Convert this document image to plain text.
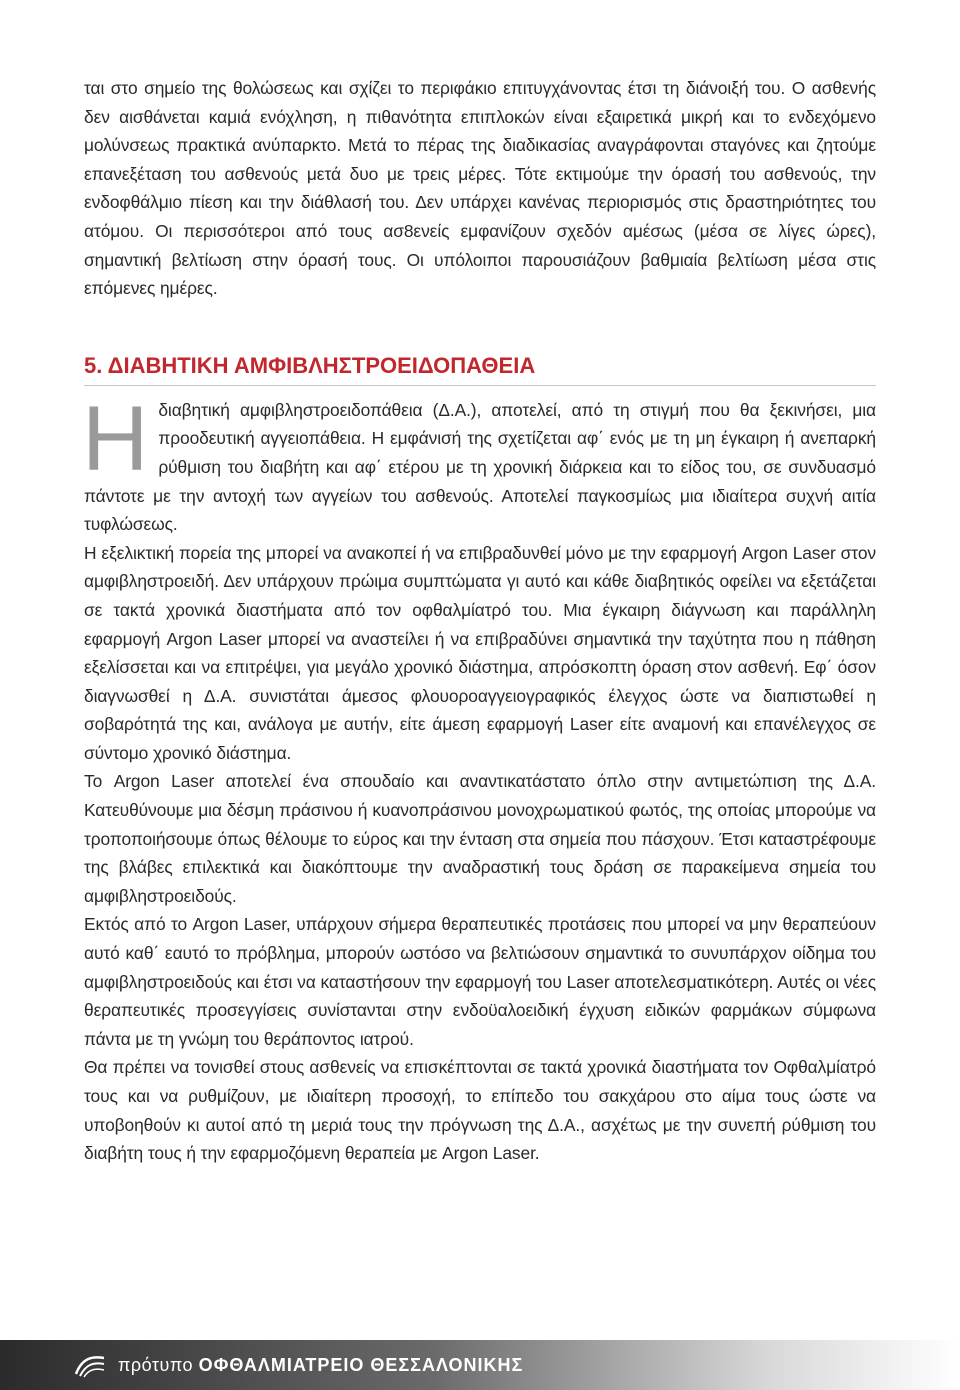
ται στο σημείο της θολώσεως και σχίζει το περιφάκιο επιτυγχάνοντας έτσι τη διάνοιξή του. Ο ασθενής δεν αισθάνεται καμιά ενόχληση, η πιθανότητα επιπλοκών είναι εξαιρετικά μικρή και το ενδεχόμενο μολύνσεως πρακτικά ανύπαρκτο. Μετά το πέρας της διαδικασίας αναγράφονται σταγόνες και ζητούμε επανεξέταση του ασθενούς μετά δυο με τρεις μέρες. Τότε εκτιμούμε την όρασή του ασθενούς, την ενδοφθάλμιο πίεση και την διάθλασή του. Δεν υπάρχει κανένας περιορισμός στις δραστηριότητες του ατόμου. Οι περισσότεροι από τους ασ8ενείς εμφανίζουν σχεδόν αμέσως (μέσα σε λίγες ώρες), σημαντική βελτίωση στην όρασή τους. Οι υπόλοιποι παρουσιάζουν βαθμιαία βελτίωση μέσα στις επόμενες ημέρες.

5. ΔΙΑΒΗΤΙΚΗ ΑΜΦΙΒΛΗΣΤΡΟΕΙΔΟΠΑΘΕΙΑ

Ηδιαβητική αμφιβληστροειδοπάθεια (Δ.Α.), αποτελεί, από τη στιγμή που θα ξεκινήσει, μια προοδευτική αγγειοπάθεια. Η εμφάνισή της σχετίζεται αφ΄ ενός με τη μη έγκαιρη ή ανεπαρκή ρύθμιση του διαβήτη και αφ΄ ετέρου με τη χρονική διάρκεια και το είδος του, σε συνδυασμό πάντοτε με την αντοχή των αγγείων του ασθενούς. Αποτελεί παγκοσμίως μια ιδιαίτερα συχνή αιτία τυφλώσεως.

Η εξελικτική πορεία της μπορεί να ανακοπεί ή να επιβραδυνθεί μόνο με την εφαρμογή Argon Laser στον αμφιβληστροειδή. Δεν υπάρχουν πρώιμα συμπτώματα γι αυτό και κάθε διαβητικός οφείλει να εξετάζεται σε τακτά χρονικά διαστήματα από τον οφθαλμίατρό του. Μια έγκαιρη διάγνωση και παράλληλη εφαρμογή Argon Laser μπορεί να αναστείλει ή να επιβραδύνει σημαντικά την ταχύτητα που η πάθηση εξελίσσεται και να επιτρέψει, για μεγάλο χρονικό διάστημα, απρόσκοπτη όραση στον ασθενή. Εφ΄ όσον διαγνωσθεί η Δ.Α. συνιστάται άμεσος φλουοροαγγειογραφικός έλεγχος ώστε να διαπιστωθεί η σοβαρότητά της και, ανάλογα με αυτήν, είτε άμεση εφαρμογή Laser είτε αναμονή και επανέλεγχος σε σύντομο χρονικό διάστημα.

Το Argon Laser αποτελεί ένα σπουδαίο και αναντικατάστατο όπλο στην αντιμετώπιση της Δ.Α. Κατευθύνουμε μια δέσμη πράσινου ή κυανοπράσινου μονοχρωματικού φωτός, της οποίας μπορούμε να τροποποιήσουμε όπως θέλουμε το εύρος και την ένταση στα σημεία που πάσχουν. Έτσι καταστρέφουμε της βλάβες επιλεκτικά και διακόπτουμε την αναδραστική τους δράση σε παρακείμενα σημεία του αμφιβληστροειδούς.

Εκτός από το Argon Laser, υπάρχουν σήμερα θεραπευτικές προτάσεις που μπορεί να μην θεραπεύουν αυτό καθ΄ εαυτό το πρόβλημα, μπορούν ωστόσο να βελτιώσουν σημαντικά το συνυπάρχον οίδημα του αμφιβληστροειδούς και έτσι να καταστήσουν την εφαρμογή του Laser αποτελεσματικότερη. Αυτές οι νέες θεραπευτικές προσεγγίσεις συνίστανται στην ενδοϋαλοειδική έγχυση ειδικών φαρμάκων σύμφωνα πάντα με τη γνώμη του θεράποντος ιατρού.

Θα πρέπει να τονισθεί στους ασθενείς να επισκέπτονται σε τακτά χρονικά διαστήματα τον Οφθαλμίατρό τους και να ρυθμίζουν, με ιδιαίτερη προσοχή, το επίπεδο του σακχάρου στο αίμα τους ώστε να υποβοηθούν κι αυτοί από τη μεριά τους την πρόγνωση της Δ.Α., ασχέτως με την συνεπή ρύθμιση του διαβήτη τους ή την εφαρμοζόμενη θεραπεία με Argon Laser.

πρότυπο ΟΦΘΑΛΜΙΑΤΡΕΙΟ ΘΕΣΣΑΛΟΝΙΚΗΣ
